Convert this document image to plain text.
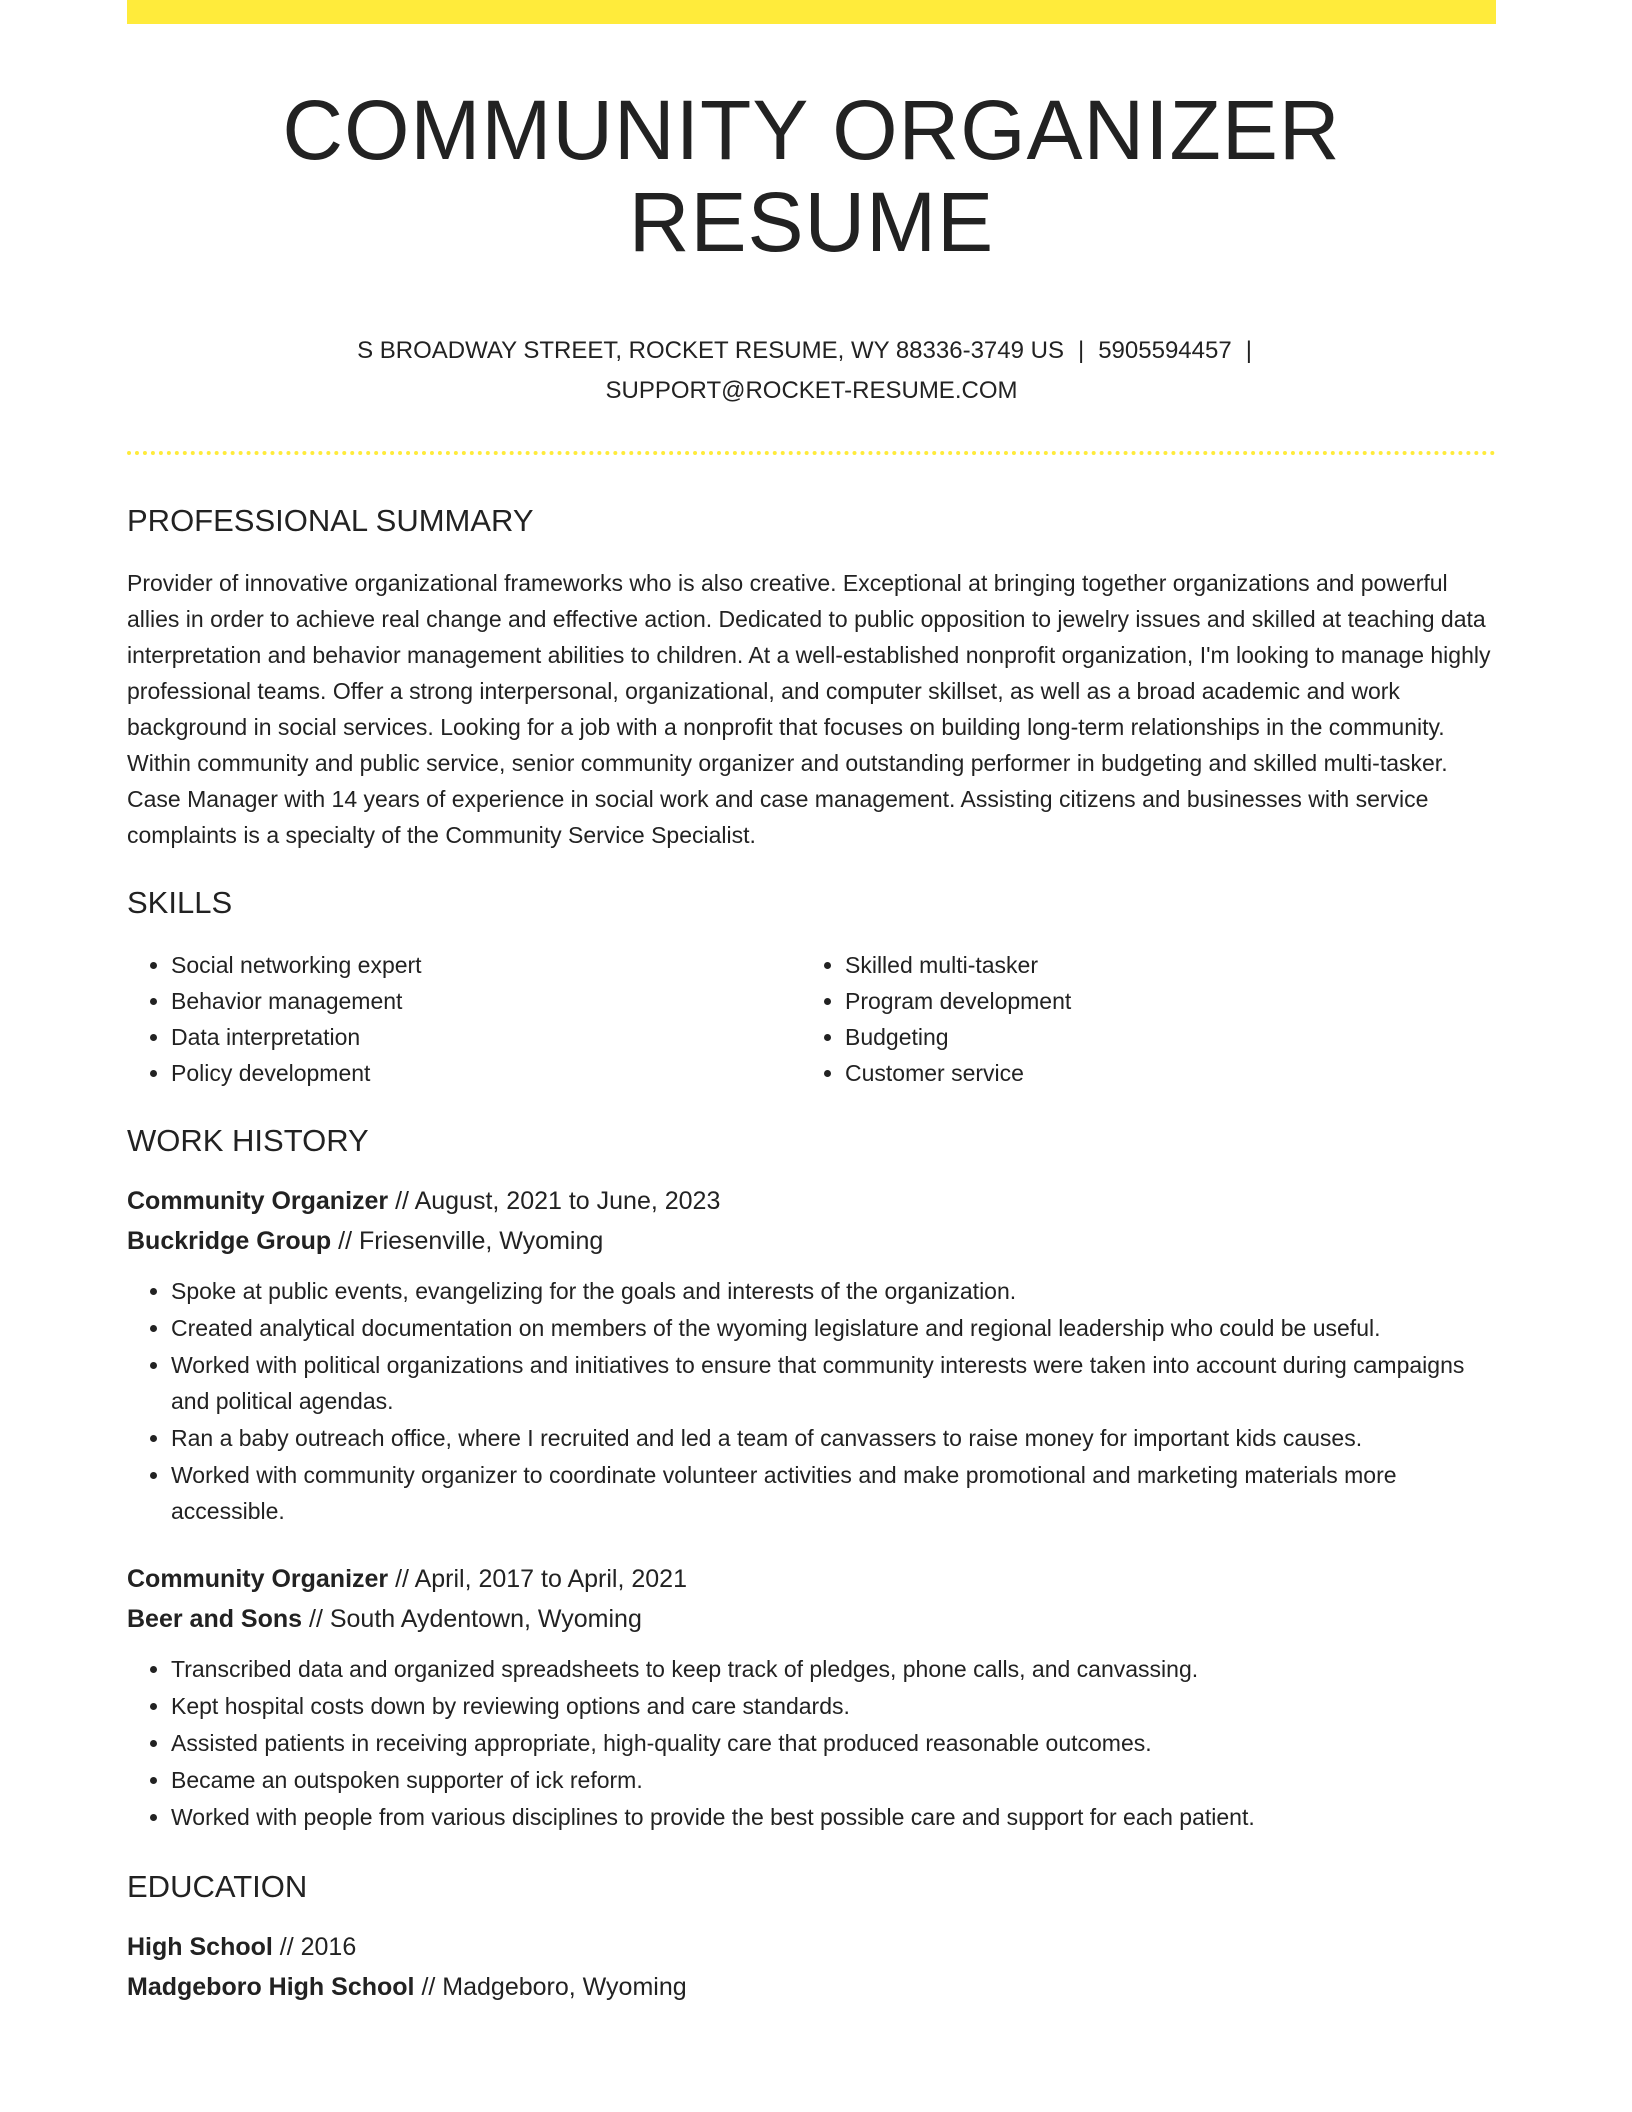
COMMUNITY ORGANIZER RESUME
S BROADWAY STREET, ROCKET RESUME, WY 88336-3749 US | 5905594457 |
SUPPORT@ROCKET-RESUME.COM
PROFESSIONAL SUMMARY

Provider of innovative organizational frameworks who is also creative. Exceptional at bringing together organizations and powerful allies in order to achieve real change and effective action. Dedicated to public opposition to jewelry issues and skilled at teaching data interpretation and behavior management abilities to children. At a well-established nonprofit organization, I'm looking to manage highly professional teams. Offer a strong interpersonal, organizational, and computer skillset, as well as a broad academic and work background in social services. Looking for a job with a nonprofit that focuses on building long-term relationships in the community. Within community and public service, senior community organizer and outstanding performer in budgeting and skilled multi-tasker. Case Manager with 14 years of experience in social work and case management. Assisting citizens and businesses with service complaints is a specialty of the Community Service Specialist.

SKILLS
• Social networking expert
• Behavior management
• Data interpretation
• Policy development
• Skilled multi-tasker
• Program development
• Budgeting
• Customer service
WORK HISTORY
Community Organizer // August, 2021 to June, 2023
Buckridge Group // Friesenville, Wyoming
• Spoke at public events, evangelizing for the goals and interests of the organization.
• Created analytical documentation on members of the wyoming legislature and regional leadership who could be useful.
• Worked with political organizations and initiatives to ensure that community interests were taken into account during campaigns and political agendas.
• Ran a baby outreach office, where I recruited and led a team of canvassers to raise money for important kids causes.
• Worked with community organizer to coordinate volunteer activities and make promotional and marketing materials more accessible.
Community Organizer // April, 2017 to April, 2021
Beer and Sons // South Aydentown, Wyoming
• Transcribed data and organized spreadsheets to keep track of pledges, phone calls, and canvassing.
• Kept hospital costs down by reviewing options and care standards.
• Assisted patients in receiving appropriate, high-quality care that produced reasonable outcomes.
• Became an outspoken supporter of ick reform.
• Worked with people from various disciplines to provide the best possible care and support for each patient.
EDUCATION
High School // 2016
Madgeboro High School // Madgeboro, Wyoming
